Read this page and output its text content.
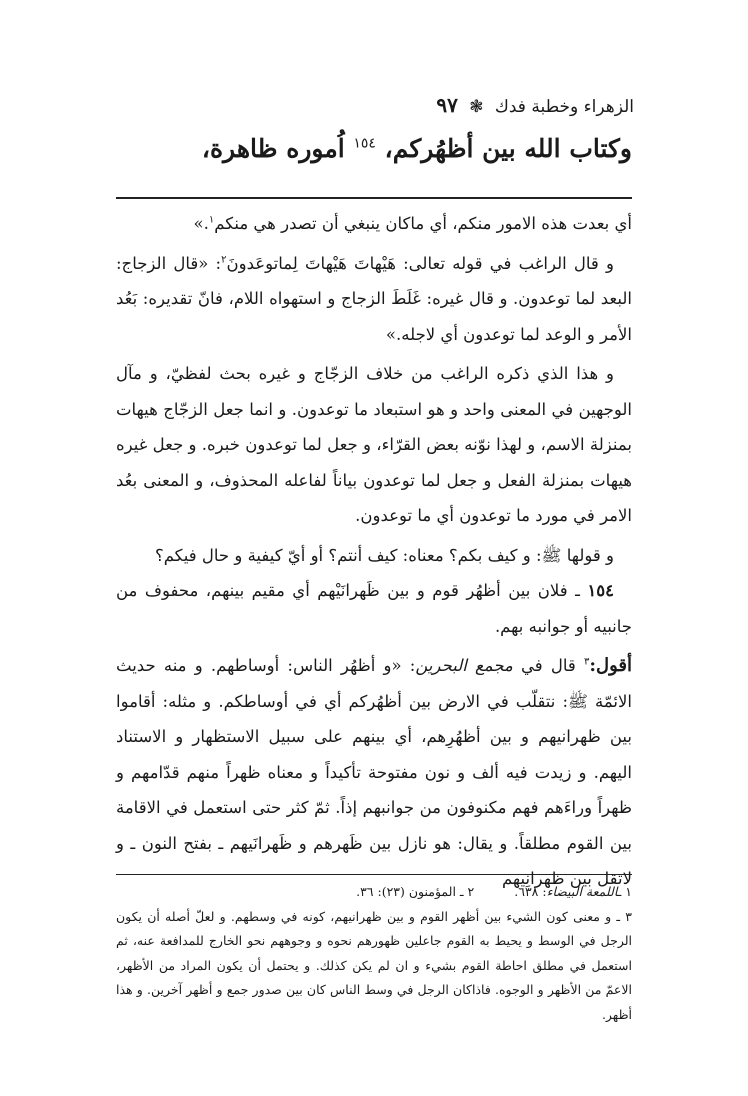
الزهراء وخطبة فدك ❃ ٩٧
وكتاب الله بين أظهُركم، $^{١٥٤}$ اُموره ظاهرة،

أي بعدت هذه الامور منكم، أي ماكان ينبغي أن تصدر هي منكم$^١$.»

و قال الراغب في قوله تعالى: هَيْهاتَ هَيْهاتَ لِماتوعَدونَ$^٢$: «قال الزجاج: البعد لما توعدون. و قال غيره: غَلَطَ الزجاج و استهواه اللام، فانّ تقديره: بَعُد الأمر و الوعد لما توعدون أي لاجله.»

و هذا الذي ذكره الراغب من خلاف الزجّاج و غيره بحث لفظيّ، و مآل الوجهين في المعنى واحد و هو استبعاد ما توعدون. و انما جعل الزجّاج هيهات بمنزلة الاسم، و لهذا نوّنه بعض القرّاء، و جعل لما توعدون خبره. و جعل غيره هيهات بمنزلة الفعل و جعل لما توعدون بياناً لفاعله المحذوف، و المعنى بعُد الامر في مورد ما توعدون أي ما توعدون.

و قولها ﷺ: و كيف بكم؟ معناه: كيف أنتم؟ أو أيّ كيفية و حال فيكم؟

١٥٤ ـ فلان بين أظهُر قوم و بين ظَهرانَيْهم أي مقيم بينهم، محفوف من جانبيه أو جوانبه بهم.

أقول:$^٣$ قال في مجمع البحرين: «و أظهُر الناس: أوساطهم. و منه حديث الائمّة ﷺ: نتقلّب في الارض بين أظهُركم أي في أوساطكم. و مثله: أقاموا بين ظهرانيهم و بين أظهُرِهم، أي بينهم على سبيل الاستظهار و الاستناد اليهم. و زيدت فيه ألف و نون مفتوحة تأكيداً و معناه ظهراً منهم قدّامهم و ظهراً وراءَهم فهم مكنوفون من جوانبهم إذاً. ثمّ كثر حتى استعمل في الاقامة بين القوم مطلقاً. و يقال: هو نازل بين ظَهرهم و ظَهرانَيهم ـ بفتح النون ـ و لاتقل بين ظهرانِيهم

١ ـاللمعة البيضاء: ٦٣٨.
٢ ـ المؤمنون (٢٣): ٣٦.

٣ ـ و معنى كون الشيء بين أظهر القوم و بين ظهرانيهم، كونه في وسطهم. و لعلّ أصله أن يكون الرجل في الوسط و يحيط به القوم جاعلين ظهورهم نحوه و وجوههم نحو الخارج للمدافعة عنه، ثم استعمل في مطلق احاطة القوم بشيء و ان لم يكن كذلك. و يحتمل أن يكون المراد من الأظهر، الاعمّ من الأظهر و الوجوه. فاذاكان الرجل في وسط الناس كان بين صدور جمع و أظهر آخرين. و هذا أظهر.
